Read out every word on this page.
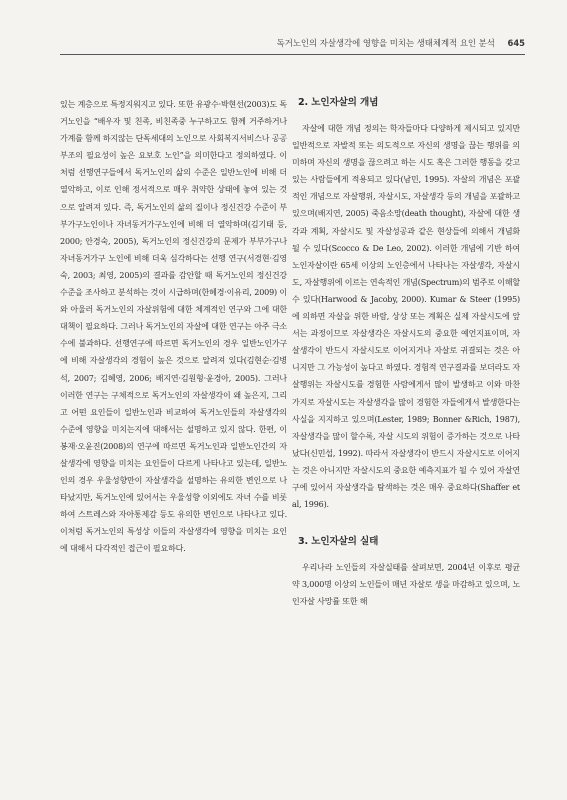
독거노인의 자살생각에 영향을 미치는 생태체계적 요인 분석 645

있는 계층으로 특정지워지고 있다. 또한 유광수·박현선(2003)도 독거노인을 “배우자 및 친족, 비친족중 누구하고도 함께 거주하거나 가계를 함께 하지않는 단독세대의 노인으로 사회복지서비스나 공공부조의 필요성이 높은 요보호 노인”을 의미한다고 정의하였다. 이처럼 선행연구들에서 독거노인의 삶의 수준은 일반노인에 비해 더 열악하고, 이로 인해 정서적으로 매우 취약한 상태에 놓여 있는 것으로 알려져 있다. 즉, 독거노인의 삶의 질이나 정신건강 수준이 부부가구노인이나 자녀동거가구노인에 비해 더 열악하며(김기태 등, 2000; 안경숙, 2005), 독거노인의 정신건강의 문제가 부부가구나 자녀동거가구 노인에 비해 더욱 심각하다는 선행 연구(서경현·김영숙, 2003; 최영, 2005)의 결과를 감안할 때 독거노인의 정신건강수준을 조사하고 분석하는 것이 시급하며(한혜경·이유리, 2009) 이와 아울러 독거노인의 자살위험에 대한 체계적인 연구와 그에 대한 대책이 필요하다. 그러나 독거노인의 자살에 대한 연구는 아주 극소수에 불과하다. 선행연구에 따르면 독거노인의 경우 일반노인가구에 비해 자살생각의 경험이 높은 것으로 알려져 있다(김현순·김병석, 2007; 김혜영, 2006; 배지연·김원형·윤경아, 2005). 그러나 이러한 연구는 구체적으로 독거노인의 자살생각이 왜 높은지, 그리고 어떤 요인들이 일반노인과 비교하여 독거노인들의 자살생각의 수준에 영향을 미치는지에 대해서는 설명하고 있지 않다. 한편, 이봉재·오윤진(2008)의 연구에 따르면 독거노인과 일반노인간의 자살생각에 영향을 미치는 요인들이 다르게 나타나고 있는데, 일반노인의 경우 우울성향만이 자살생각을 설명하는 유의한 변인으로 나타났지만, 독거노인에 있어서는 우울성향 이외에도 자녀 수를 비롯하여 스트레스와 자아통제감 등도 유의한 변인으로 나타나고 있다. 이처럼 독거노인의 특성상 이들의 자살생각에 영향을 미치는 요인에 대해서 다각적인 접근이 필요하다.

2. 노인자살의 개념

자살에 대한 개념 정의는 학자들마다 다양하게 제시되고 있지만 일반적으로 자발적 또는 의도적으로 자신의 생명을 끊는 행위를 의미하며 자신의 생명을 끊으려고 하는 시도 혹은 그러한 행동을 갖고 있는 사람들에게 적용되고 있다(남민, 1995). 자살의 개념은 포괄적인 개념으로 자살행위, 자살시도, 자살생각 등의 개념을 포괄하고 있으며(배지연, 2005) 죽음소망(death thought), 자살에 대한 생각과 계획, 자살시도 및 자살성공과 같은 현상들에 의해서 개념화 될 수 있다(Scocco & De Leo, 2002). 이러한 개념에 기반 하여 노인자살이란 65세 이상의 노인층에서 나타나는 자살생각, 자살시도, 자살행위에 이르는 연속적인 개념(Spectrum)의 범주로 이해할 수 있다(Harwood & Jacoby, 2000). Kumar & Steer (1995)에 의하면 자살을 위한 바람, 상상 또는 계획은 실제 자살시도에 앞서는 과정이므로 자살생각은 자살시도의 중요한 예언지표이며, 자살생각이 반드시 자살시도로 이어지거나 자살로 귀결되는 것은 아니지만 그 가능성이 높다고 하였다. 경험적 연구결과를 보더라도 자살행위는 자살시도를 경험한 사람에게서 많이 발생하고 이와 마찬가지로 자살시도는 자살생각을 많이 경험한 자들에게서 발생한다는 사실을 지지하고 있으며(Lester, 1989; Bonner &Rich, 1987), 자살생각을 많이 할수록, 자살 시도의 위험이 증가하는 것으로 나타났다(신민섭, 1992). 따라서 자살생각이 반드시 자살시도로 이어지는 것은 아니지만 자살시도의 중요한 예측지표가 될 수 있어 자살연구에 있어서 자살생각을 탐색하는 것은 매우 중요하다(Shaffer et al, 1996).

3. 노인자살의 실태

우리나라 노인들의 자살실태를 살펴보면, 2004년 이후로 평균 약 3,000명 이상의 노인들이 매년 자살로 생을 마감하고 있으며, 노인자살 사망률 또한 해
